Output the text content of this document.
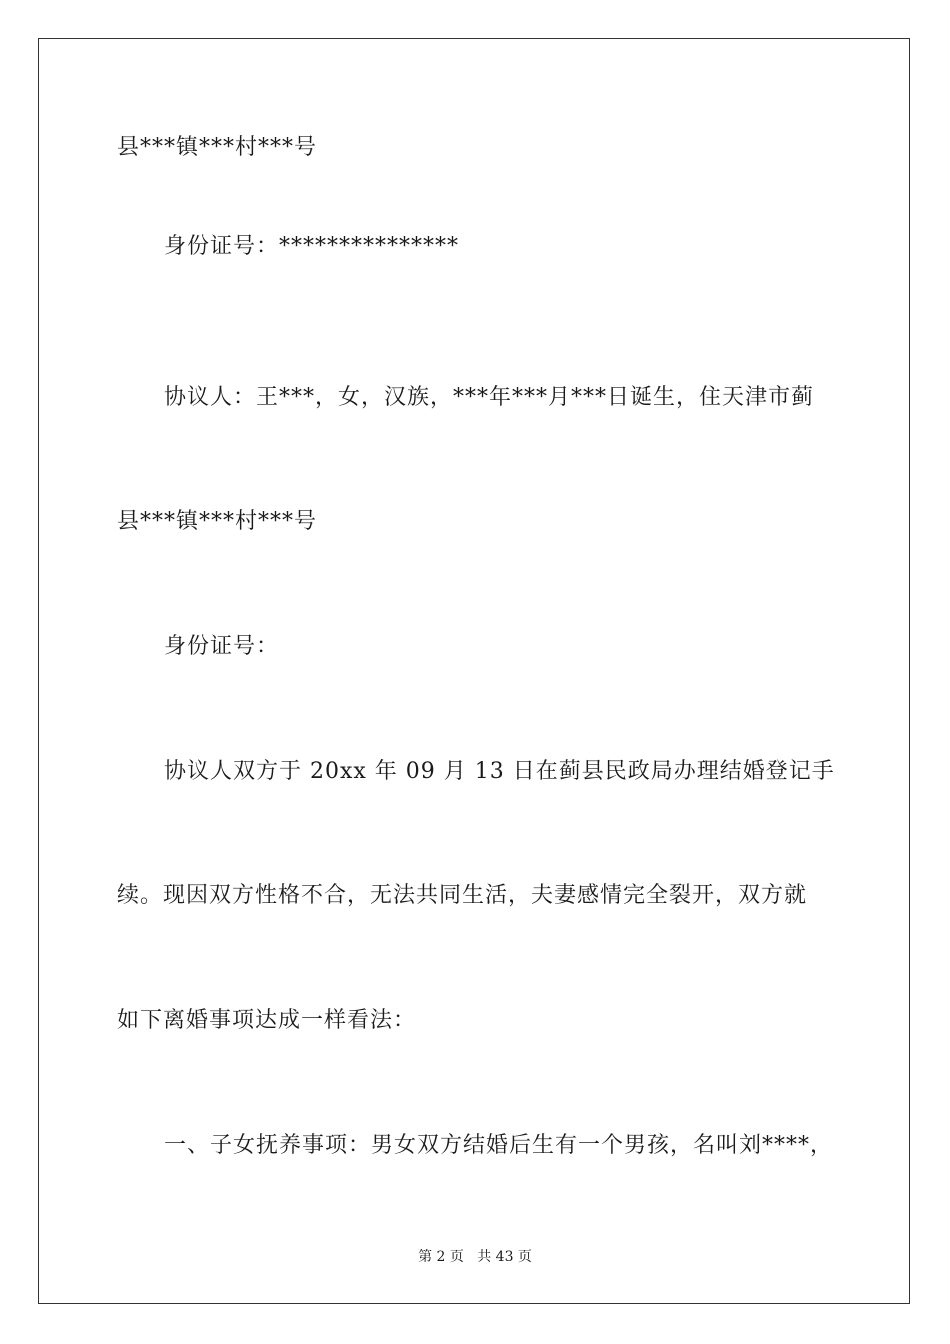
县***镇***村***号
身份证号：***************
协议人：王***，女，汉族，***年***月***日诞生，住天津市蓟
县***镇***村***号
身份证号：
协议人双方于 20xx 年 09 月 13 日在蓟县民政局办理结婚登记手
续。现因双方性格不合，无法共同生活，夫妻感情完全裂开，双方就
如下离婚事项达成一样看法：
一、子女抚养事项：男女双方结婚后生有一个男孩，名叫刘****，
第 2 页   共 43 页
